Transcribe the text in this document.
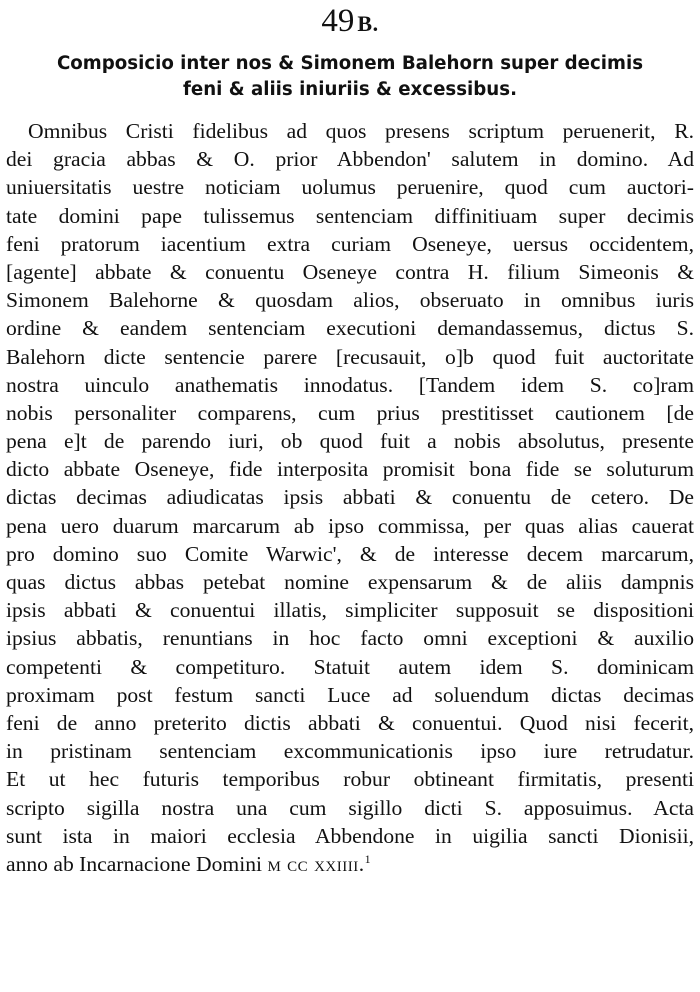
49 B.
Composicio inter nos & Simonem Balehorn super decimis
feni & aliis iniuriis & excessibus.
Omnibus Cristi fidelibus ad quos presens scriptum peruenerit, R.
dei gracia abbas & O. prior Abbendon' salutem in domino. Ad
uniuersitatis uestre noticiam uolumus peruenire, quod cum auctori-
tate domini pape tulissemus sentenciam diffinitiuam super decimis
feni pratorum iacentium extra curiam Oseneye, uersus occidentem,
[agente] abbate & conuentu Oseneye contra H. filium Simeonis &
Simonem Balehorne & quosdam alios, obseruato in omnibus iuris
ordine & eandem sentenciam executioni demandassemus, dictus S.
Balehorn dicte sentencie parere [recusauit, o]b quod fuit auctoritate
nostra uinculo anathematis innodatus. [Tandem idem S. co]ram
nobis personaliter comparens, cum prius prestitisset cautionem [de
pena e]t de parendo iuri, ob quod fuit a nobis absolutus, presente
dicto abbate Oseneye, fide interposita promisit bona fide se soluturum
dictas decimas adiudicatas ipsis abbati & conuentu de cetero. De
pena uero duarum marcarum ab ipso commissa, per quas alias cauerat
pro domino suo Comite Warwic', & de interesse decem marcarum,
quas dictus abbas petebat nomine expensarum & de aliis dampnis
ipsis abbati & conuentui illatis, simpliciter supposuit se dispositioni
ipsius abbatis, renuntians in hoc facto omni exceptioni & auxilio
competenti & competituro. Statuit autem idem S. dominicam
proximam post festum sancti Luce ad soluendum dictas decimas
feni de anno preterito dictis abbati & conuentui. Quod nisi fecerit,
in pristinam sentenciam excommunicationis ipso iure retrudatur.
Et ut hec futuris temporibus robur obtineant firmitatis, presenti
scripto sigilla nostra una cum sigillo dicti S. apposuimus. Acta
sunt ista in maiori ecclesia Abbendone in uigilia sancti Dionisii,
anno ab Incarnacione Domini m cc xxiiii.$^1$
